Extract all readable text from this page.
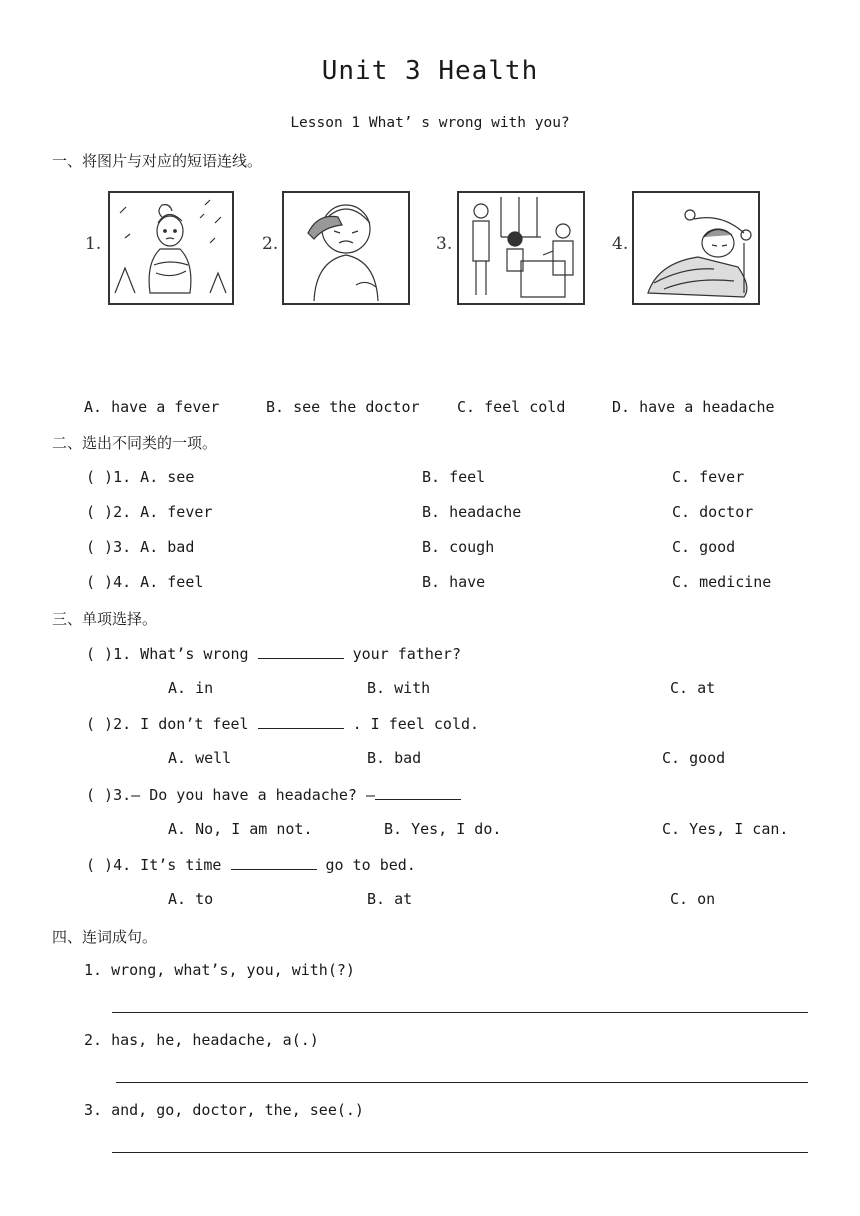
Unit 3 Health
Lesson 1 What’ s wrong with you?
一、将图片与对应的短语连线。
1.	2.	3.	4.
A. have a fever	B. see the doctor C. feel cold	D. have a headache
二、选出不同类的一项。
( )1. A. see	B. feel	C. fever
( )2. A. fever	B. headache	C. doctor
( )3. A. bad	B. cough	C. good
( )4. A. feel	B. have	C. medicine
三、单项选择。
( )1. What’s wrong	your father?
A. in	B. with	C. at
( )2. I don’t feel	. I feel cold.
A. well	B. bad	C. good
( )3.— Do you have a headache? —
A. No, I am not.	B. Yes, I do.	C. Yes, I can.
( )4. It’s time	go to bed.
A. to	B. at	C. on
四、连词成句。
1. wrong, what’s, you, with(?)
2. has, he, headache, a(.)
3. and, go, doctor, the, see(.)
